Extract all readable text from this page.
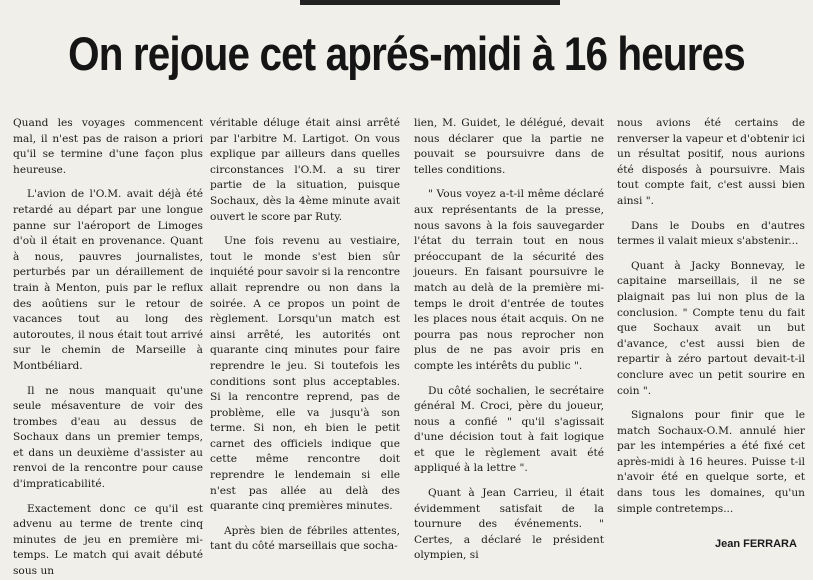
On rejoue cet aprés-midi à 16 heures

Quand les voyages commencent mal, il n'est pas de raison a priori qu'il se termine d'une façon plus heureuse.

L'avion de l'O.M. avait déjà été retardé au départ par une longue panne sur l'aéroport de Limoges d'où il était en provenance. Quant à nous, pauvres journalistes, perturbés par un déraillement de train à Menton, puis par le reflux des aoûtiens sur le retour de vacances tout au long des autoroutes, il nous était tout arrivé sur le chemin de Marseille à Montbéliard.

Il ne nous manquait qu'une seule mésaventure de voir des trombes d'eau au dessus de Sochaux dans un premier temps, et dans un deuxième d'assister au renvoi de la rencontre pour cause d'impraticabilité.

Exactement donc ce qu'il est advenu au terme de trente cinq minutes de jeu en première mi-temps. Le match qui avait débuté sous un

véritable déluge était ainsi arrêté par l'arbitre M. Lartigot. On vous explique par ailleurs dans quelles circonstances l'O.M. a su tirer partie de la situation, puisque Sochaux, dès la 4ème minute avait ouvert le score par Ruty.

Une fois revenu au vestiaire, tout le monde s'est bien sûr inquiété pour savoir si la rencontre allait reprendre ou non dans la soirée. A ce propos un point de règlement. Lorsqu'un match est ainsi arrêté, les autorités ont quarante cinq minutes pour faire reprendre le jeu. Si toutefois les conditions sont plus acceptables. Si la rencontre reprend, pas de problème, elle va jusqu'à son terme. Si non, eh bien le petit carnet des officiels indique que cette même rencontre doit reprendre le lendemain si elle n'est pas allée au delà des quarante cinq premières minutes.

Après bien de fébriles attentes, tant du côté marseillais que socha-

lien, M. Guidet, le délégué, devait nous déclarer que la partie ne pouvait se poursuivre dans de telles conditions.

" Vous voyez a-t-il même déclaré aux représentants de la presse, nous savons à la fois sauvegarder l'état du terrain tout en nous préoccupant de la sécurité des joueurs. En faisant poursuivre le match au delà de la première mi-temps le droit d'entrée de toutes les places nous était acquis. On ne pourra pas nous reprocher non plus de ne pas avoir pris en compte les intérêts du public ".

Du côté sochalien, le secrétaire général M. Croci, père du joueur, nous a confié " qu'il s'agissait d'une décision tout à fait logique et que le règlement avait été appliqué à la lettre ".

Quant à Jean Carrieu, il était évidemment satisfait de la tournure des événements. " Certes, a déclaré le président olympien, si

nous avions été certains de renverser la vapeur et d'obtenir ici un résultat positif, nous aurions été disposés à poursuivre. Mais tout compte fait, c'est aussi bien ainsi ".

Dans le Doubs en d'autres termes il valait mieux s'abstenir...

Quant à Jacky Bonnevay, le capitaine marseillais, il ne se plaignait pas lui non plus de la conclusion. " Compte tenu du fait que Sochaux avait un but d'avance, c'est aussi bien de repartir à zéro partout devait-t-il conclure avec un petit sourire en coin ".

Signalons pour finir que le match Sochaux-O.M. annulé hier par les intempéries a été fixé cet après-midi à 16 heures. Puisse t-il n'avoir été en quelque sorte, et dans tous les domaines, qu'un simple contretemps...

Jean FERRARA
